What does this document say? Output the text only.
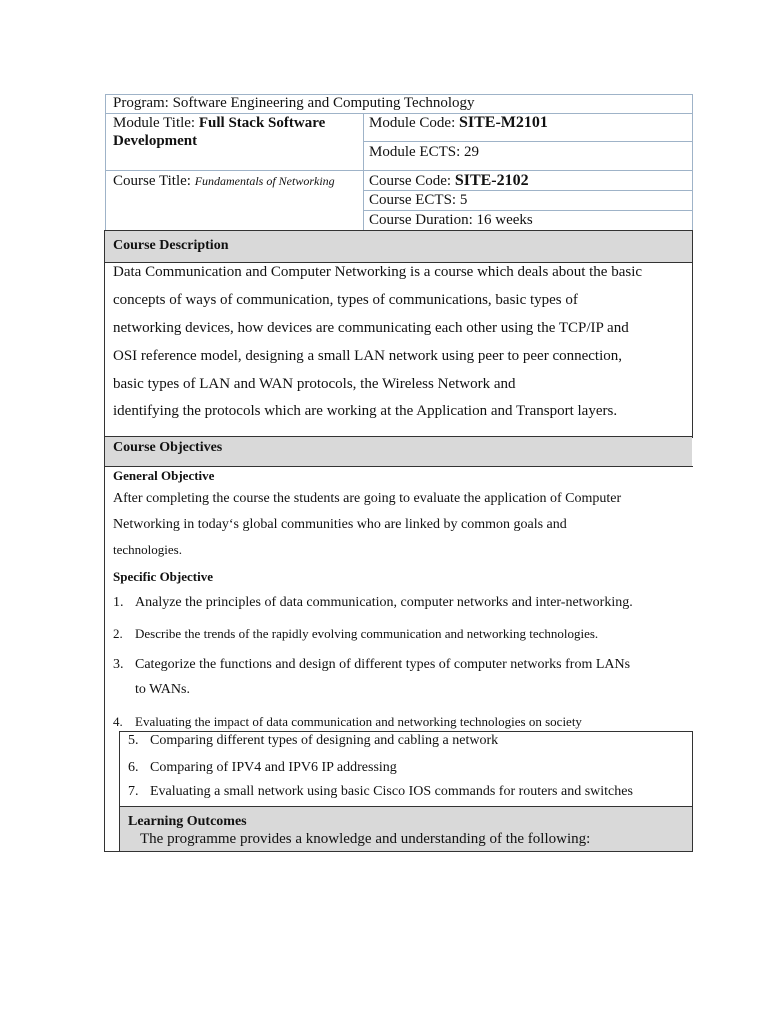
Program: Software Engineering and Computing Technology
Module Title: Full Stack Software
Development
Module Code: SITE-M2101
Module ECTS: 29
Course Title: Fundamentals of Networking Course Code: SITE-2102
Course ECTS: 5
Course Duration: 16 weeks
Course Description
Data Communication and Computer Networking is a course which deals about the basic
concepts of ways of communication, types of communications, basic types of
networking devices, how devices are communicating each other using the TCP/IP and
OSI reference model, designing a small LAN network using peer to peer connection,
basic types of LAN and WAN protocols, the Wireless Network and
identifying the protocols which are working at the Application and Transport layers.
Course Objectives
General Objective
After completing the course the students are going to evaluate the application of Computer
Networking in today‘s global communities who are linked by common goals and
technologies.
Specific Objective
1. Analyze the principles of data communication, computer networks and inter-networking.
2. Describe the trends of the rapidly evolving communication and networking technologies.
3. Categorize the functions and design of different types of computer networks from LANs
to WANs.
4. Evaluating the impact of data communication and networking technologies on society
5. Comparing different types of designing and cabling a network
6. Comparing of IPV4 and IPV6 IP addressing
7. Evaluating a small network using basic Cisco IOS commands for routers and switches
Learning Outcomes
The programme provides a knowledge and understanding of the following:
